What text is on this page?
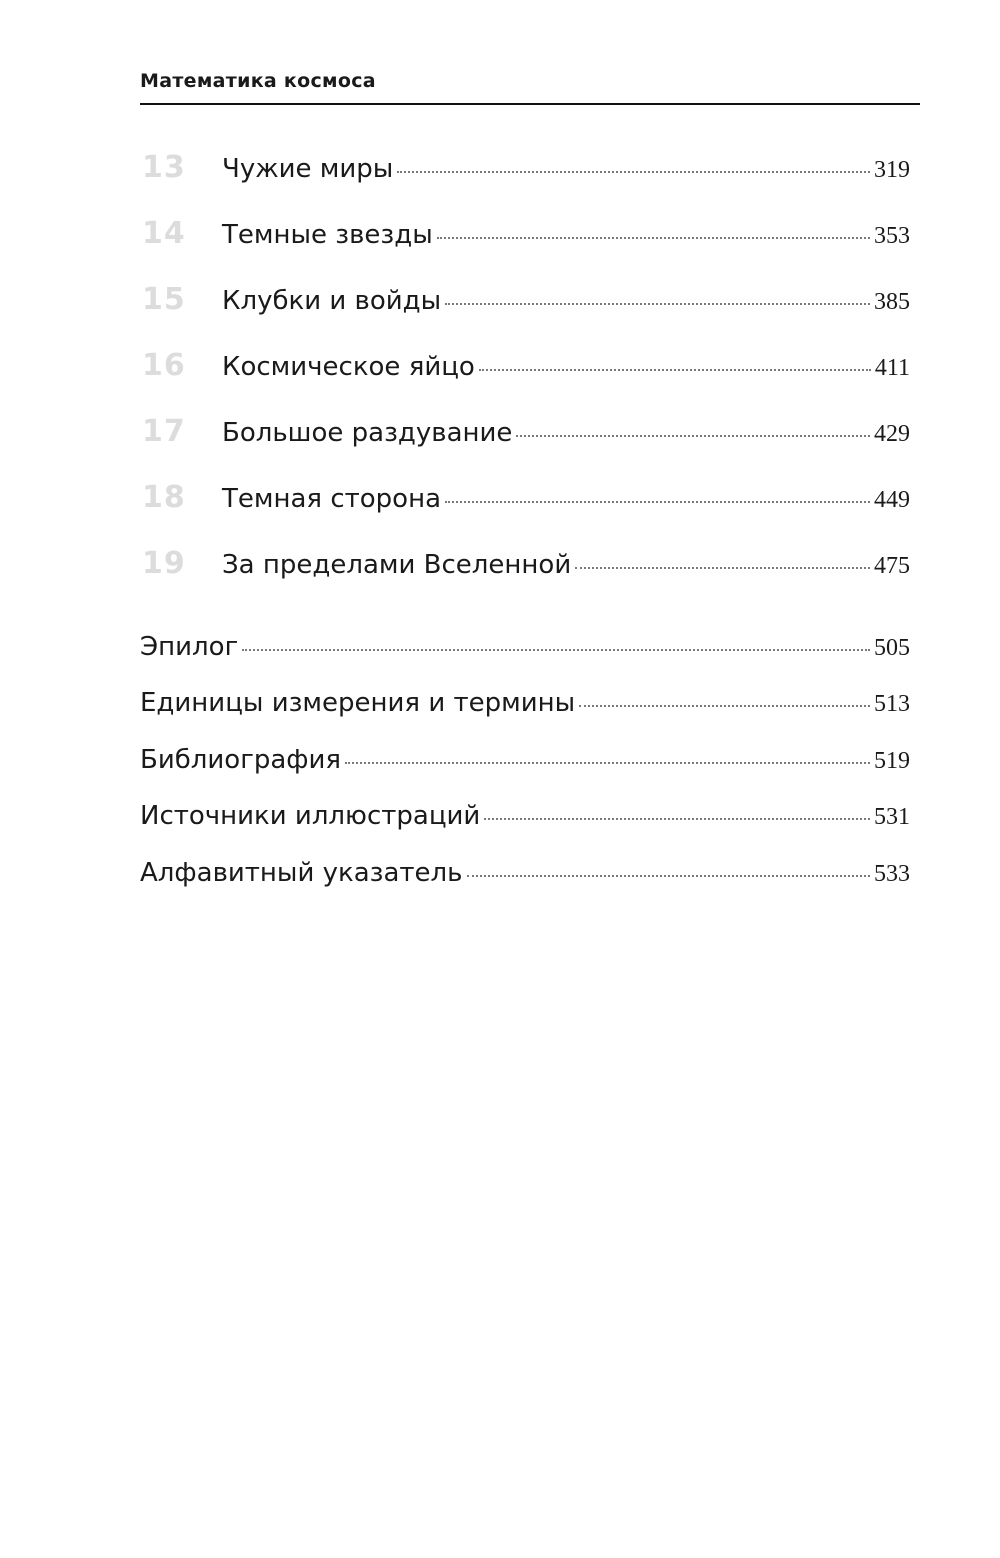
Математика космоса
13 Чужие миры	319
14 Темные звезды	353
15 Клубки и войды	385
16 Космическое яйцо	411
17 Большое раздувание	429
18 Темная сторона	449
19 За пределами Вселенной	475
Эпилог	505
Единицы измерения и термины	513
Библиография	519
Источники иллюстраций	531
Алфавитный указатель	533
